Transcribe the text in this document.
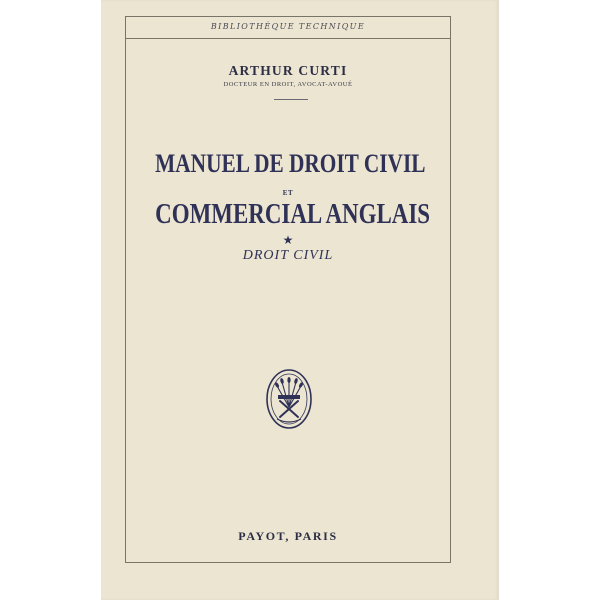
BIBLIOTHÈQUE TECHNIQUE
ARTHUR CURTI
DOCTEUR EN DROIT, AVOCAT-AVOUÉ
MANUEL DE DROIT CIVIL
ET
COMMERCIAL ANGLAIS
★
DROIT CIVIL
PAYOT, PARIS
